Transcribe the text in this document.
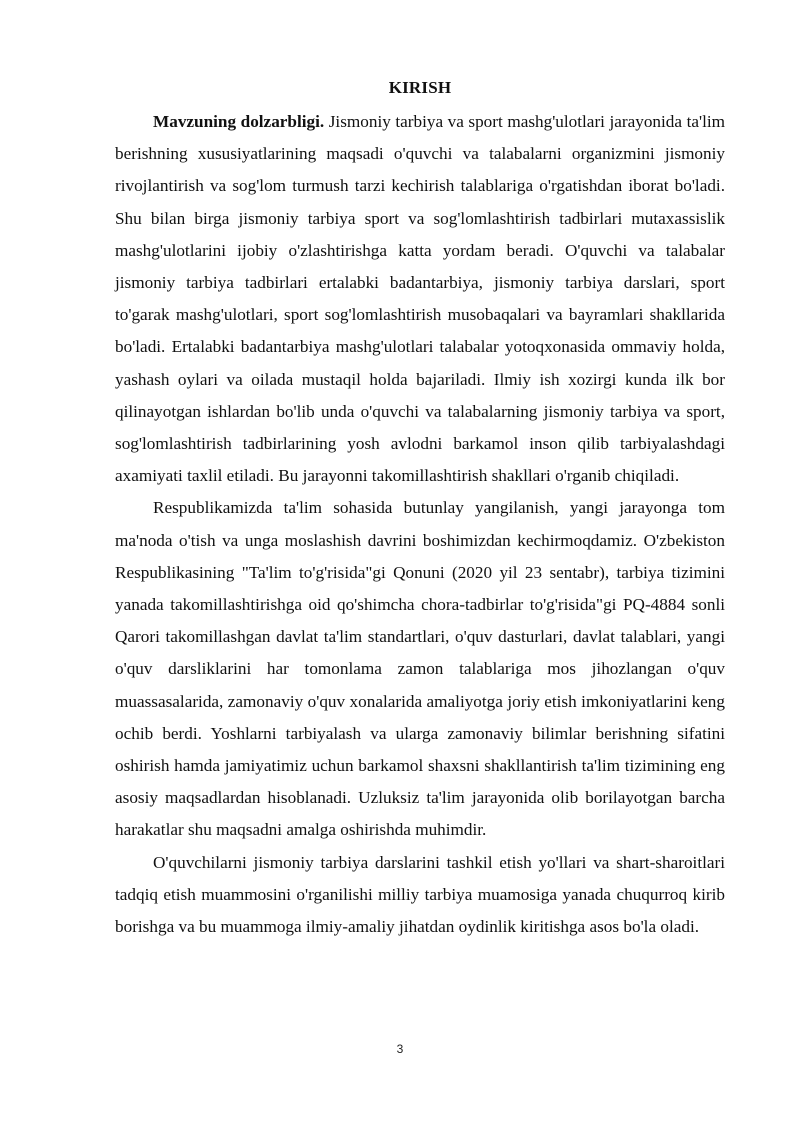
KIRISH

Mavzuning dolzarbligi. Jismoniy tarbiya va sport mashg'ulotlari jarayonida ta'lim berishning xususiyatlarining maqsadi o'quvchi va talabalarni organizmini jismoniy rivojlantirish va sog'lom turmush tarzi kechirish talablariga o'rgatishdan iborat bo'ladi. Shu bilan birga jismoniy tarbiya sport va sog'lomlashtirish tadbirlari mutaxassislik mashg'ulotlarini ijobiy o'zlashtirishga katta yordam beradi. O'quvchi va talabalar jismoniy tarbiya tadbirlari ertalabki badantarbiya, jismoniy tarbiya darslari, sport to'garak mashg'ulotlari, sport sog'lomlashtirish musobaqalari va bayramlari shakllarida bo'ladi. Ertalabki badantarbiya mashg'ulotlari talabalar yotoqxonasida ommaviy holda, yashash oylari va oilada mustaqil holda bajariladi. Ilmiy ish xozirgi kunda ilk bor qilinayotgan ishlardan bo'lib unda o'quvchi va talabalarning jismoniy tarbiya va sport, sog'lomlashtirish tadbirlarining yosh avlodni barkamol inson qilib tarbiyalashdagi axamiyati taxlil etiladi. Bu jarayonni takomillashtirish shakllari o'rganib chiqiladi.

Respublikamizda ta'lim sohasida butunlay yangilanish, yangi jarayonga tom ma'noda o'tish va unga moslashish davrini boshimizdan kechirmoqdamiz. O'zbekiston Respublikasining "Ta'lim to'g'risida"gi Qonuni (2020 yil 23 sentabr), tarbiya tizimini yanada takomillashtirishga oid qo'shimcha chora-tadbirlar to'g'risida"gi PQ-4884 sonli Qarori takomillashgan davlat ta'lim standartlari, o'quv dasturlari, davlat talablari, yangi o'quv darsliklarini har tomonlama zamon talablariga mos jihozlangan o'quv muassasalarida, zamonaviy o'quv xonalarida amaliyotga joriy etish imkoniyatlarini keng ochib berdi. Yoshlarni tarbiyalash va ularga zamonaviy bilimlar berishning sifatini oshirish hamda jamiyatimiz uchun barkamol shaxsni shakllantirish ta'lim tizimining eng asosiy maqsadlardan hisoblanadi. Uzluksiz ta'lim jarayonida olib borilayotgan barcha harakatlar shu maqsadni amalga oshirishda muhimdir.

O'quvchilarni jismoniy tarbiya darslarini tashkil etish yo'llari va shart-sharoitlari tadqiq etish muammosini o'rganilishi milliy tarbiya muamosiga yanada chuqurroq kirib borishga va bu muammoga ilmiy-amaliy jihatdan oydinlik kiritishga asos bo'la oladi.

3
